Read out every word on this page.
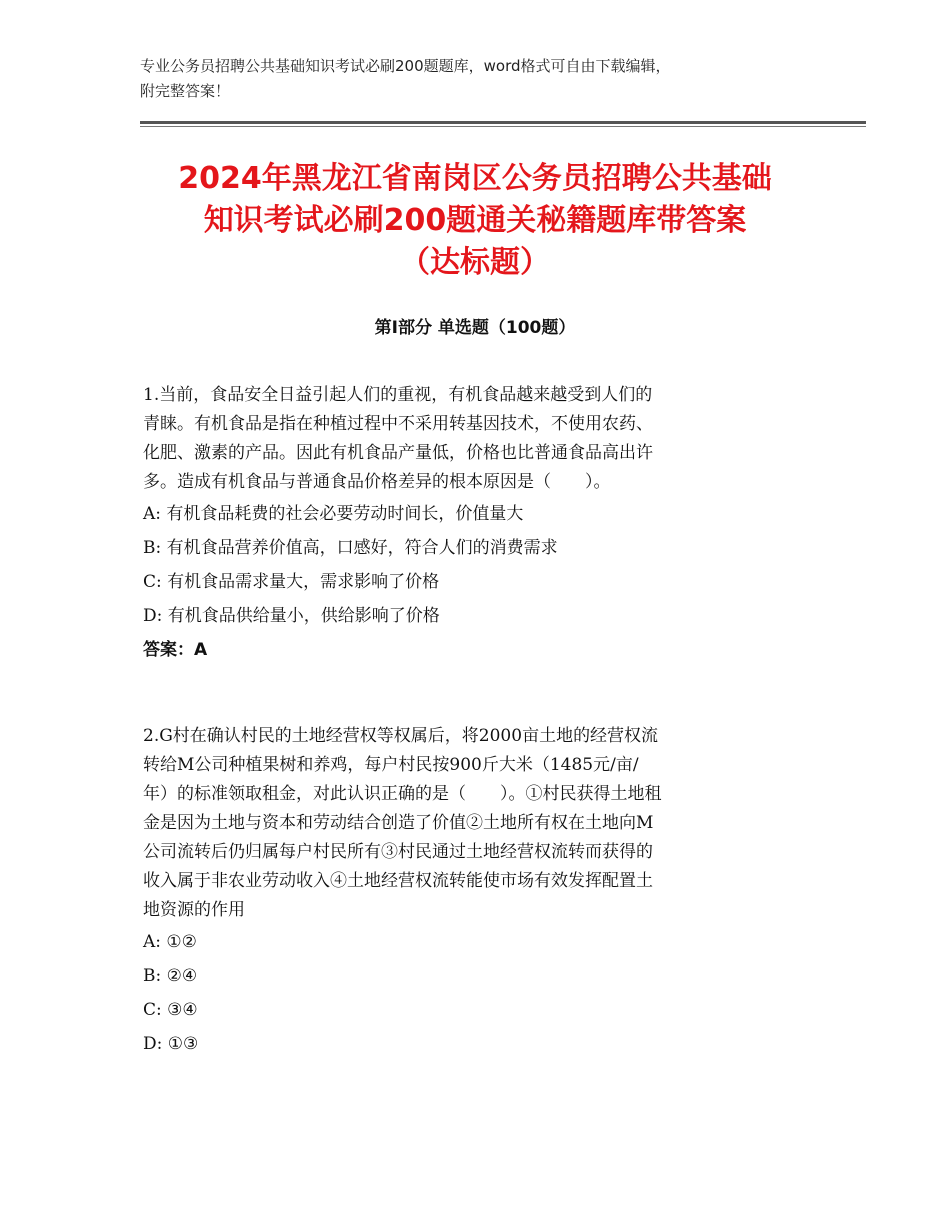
专业公务员招聘公共基础知识考试必刷200题题库，word格式可自由下载编辑，
附完整答案！
2024年黑龙江省南岗区公务员招聘公共基础
知识考试必刷200题通关秘籍题库带答案
（达标题）
第Ⅰ部分 单选题（100题）

1.当前，食品安全日益引起人们的重视，有机食品越来越受到人们的
青睐。有机食品是指在种植过程中不采用转基因技术，不使用农药、
化肥、激素的产品。因此有机食品产量低，价格也比普通食品高出许
多。造成有机食品与普通食品价格差异的根本原因是（　　）。

A: 有机食品耗费的社会必要劳动时间长，价值量大

B: 有机食品营养价值高，口感好，符合人们的消费需求

C: 有机食品需求量大，需求影响了价格

D: 有机食品供给量小，供给影响了价格

答案：A

2.G村在确认村民的土地经营权等权属后，将2000亩土地的经营权流
转给M公司种植果树和养鸡，每户村民按900斤大米（1485元/亩/
年）的标准领取租金，对此认识正确的是（　　）。①村民获得土地租
金是因为土地与资本和劳动结合创造了价值②土地所有权在土地向M
公司流转后仍归属每户村民所有③村民通过土地经营权流转而获得的
收入属于非农业劳动收入④土地经营权流转能使市场有效发挥配置土
地资源的作用

A: ①②

B: ②④

C: ③④

D: ①③
